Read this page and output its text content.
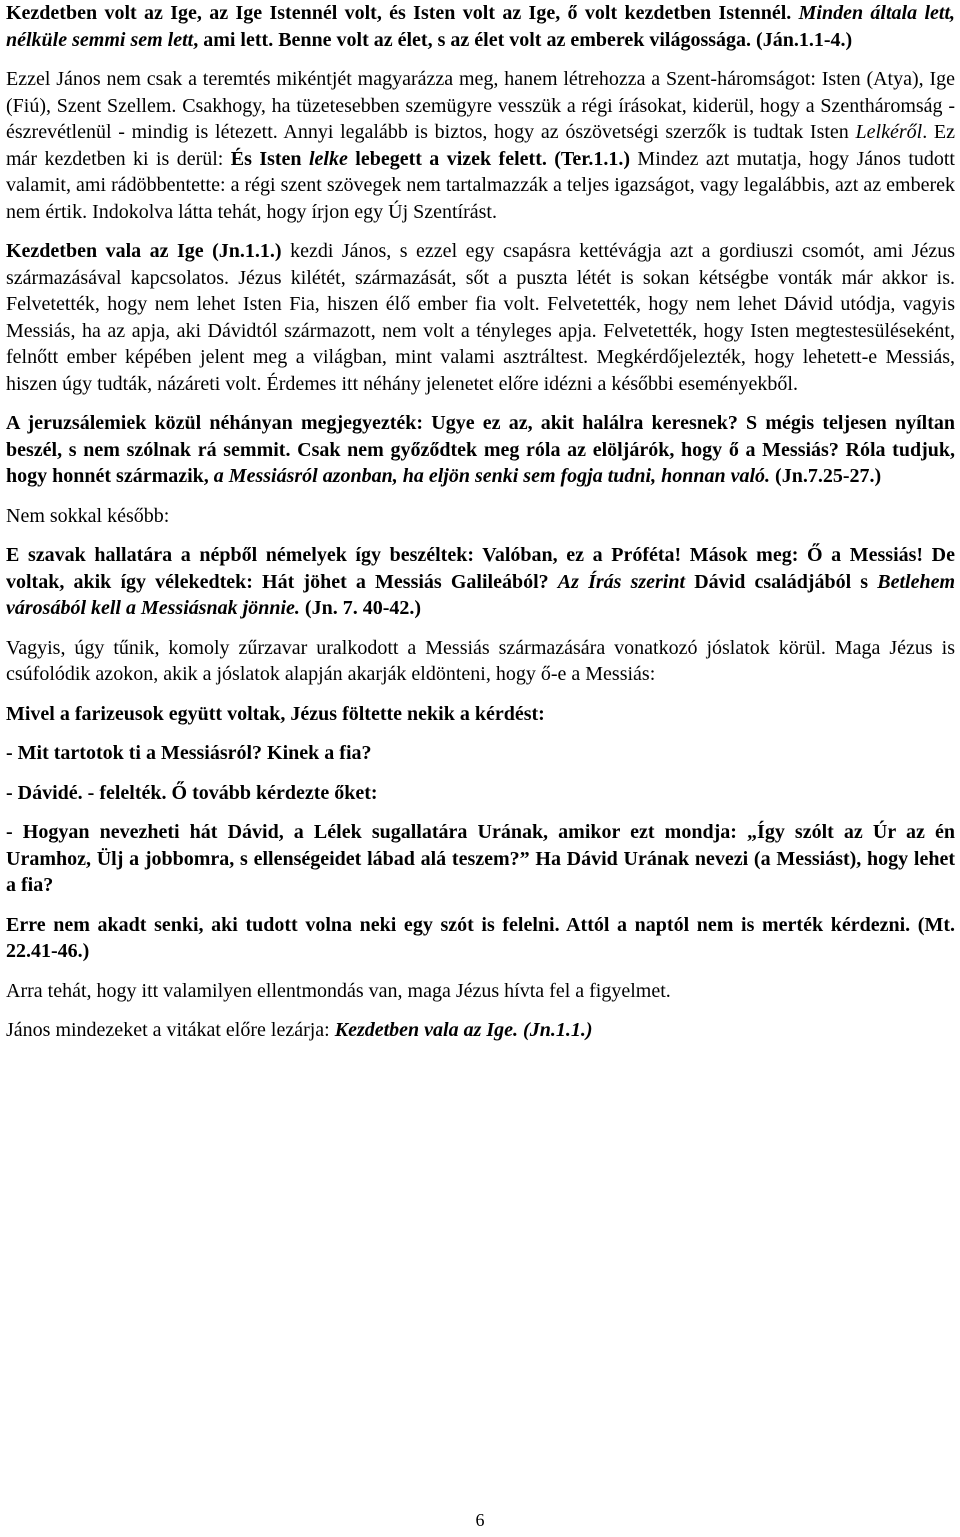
Kezdetben volt az Ige, az Ige Istennél volt, és Isten volt az Ige, ő volt kezdetben Istennél. Minden általa lett, nélküle semmi sem lett, ami lett. Benne volt az élet, s az élet volt az emberek világossága. (Ján.1.1-4.)

Ezzel János nem csak a teremtés mikéntjét magyarázza meg, hanem létrehozza a Szent-háromságot: Isten (Atya), Ige (Fiú), Szent Szellem. Csakhogy, ha tüzetesebben szemügyre vesszük a régi írásokat, kiderül, hogy a Szentháromság - észrevétlenül - mindig is létezett. Annyi legalább is biztos, hogy az ószövetségi szerzők is tudtak Isten Lelkéről. Ez már kezdetben ki is derül: És Isten lelke lebegett a vizek felett. (Ter.1.1.) Mindez azt mutatja, hogy János tudott valamit, ami rádöbbentette: a régi szent szövegek nem tartalmazzák a teljes igazságot, vagy legalábbis, azt az emberek nem értik. Indokolva látta tehát, hogy írjon egy Új Szentírást.

Kezdetben vala az Ige (Jn.1.1.) kezdi János, s ezzel egy csapásra kettévágja azt a gordiuszi csomót, ami Jézus származásával kapcsolatos. Jézus kilétét, származását, sőt a puszta létét is sokan kétségbe vonták már akkor is. Felvetették, hogy nem lehet Isten Fia, hiszen élő ember fia volt. Felvetették, hogy nem lehet Dávid utódja, vagyis Messiás, ha az apja, aki Dávidtól származott, nem volt a tényleges apja. Felvetették, hogy Isten megtestesüléseként, felnőtt ember képében jelent meg a világban, mint valami asztráltest. Megkérdőjelezték, hogy lehetett-e Messiás, hiszen úgy tudták, názáreti volt. Érdemes itt néhány jelenetet előre idézni a későbbi eseményekből.

A jeruzsálemiek közül néhányan megjegyezték: Ugye ez az, akit halálra keresnek? S mégis teljesen nyíltan beszél, s nem szólnak rá semmit. Csak nem győződtek meg róla az elöljárók, hogy ő a Messiás? Róla tudjuk, hogy honnét származik, a Messiásról azonban, ha eljön senki sem fogja tudni, honnan való. (Jn.7.25-27.)

Nem sokkal később:

E szavak hallatára a népből némelyek így beszéltek: Valóban, ez a Próféta! Mások meg: Ő a Messiás! De voltak, akik így vélekedtek: Hát jöhet a Messiás Galileából? Az Írás szerint Dávid családjából s Betlehem városából kell a Messiásnak jönnie. (Jn. 7. 40-42.)

Vagyis, úgy tűnik, komoly zűrzavar uralkodott a Messiás származására vonatkozó jóslatok körül. Maga Jézus is csúfolódik azokon, akik a jóslatok alapján akarják eldönteni, hogy ő-e a Messiás:

Mivel a farizeusok együtt voltak, Jézus föltette nekik a kérdést:

- Mit tartotok ti a Messiásról? Kinek a fia?

- Dávidé. - felelték. Ő tovább kérdezte őket:

- Hogyan nevezheti hát Dávid, a Lélek sugallatára Urának, amikor ezt mondja: „Így szólt az Úr az én Uramhoz, Ülj a jobbomra, s ellenségeidet lábad alá teszem?” Ha Dávid Urának nevezi (a Messiást), hogy lehet a fia?

Erre nem akadt senki, aki tudott volna neki egy szót is felelni. Attól a naptól nem is merték kérdezni. (Mt. 22.41-46.)

Arra tehát, hogy itt valamilyen ellentmondás van, maga Jézus hívta fel a figyelmet.

János mindezeket a vitákat előre lezárja: Kezdetben vala az Ige. (Jn.1.1.)

6
